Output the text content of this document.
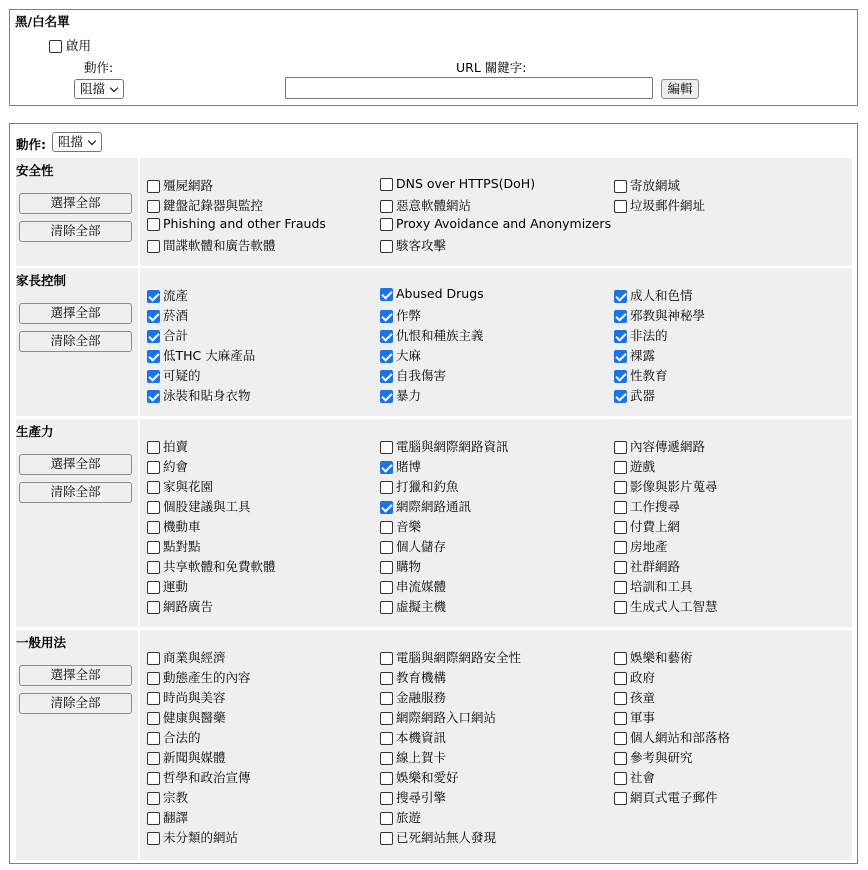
黑/白名單
啟用
動作:
阻擋
URL 關鍵字:
編輯
動作: 阻擋
安全性
選擇全部
清除全部
殭屍網路
鍵盤記錄器與監控
Phishing and other Frauds
間諜軟體和廣告軟體
DNS over HTTPS(DoH)
惡意軟體網站
Proxy Avoidance and Anonymizers
駭客攻擊
寄放網域
垃圾郵件網址
家長控制
選擇全部
清除全部
流產
菸酒
合計
低THC 大麻產品
可疑的
泳裝和貼身衣物
Abused Drugs
作弊
仇恨和種族主義
大麻
自我傷害
暴力
成人和色情
邪教與神秘學
非法的
裸露
性教育
武器
生產力
選擇全部
清除全部
拍賣
約會
家與花園
個股建議與工具
機動車
點對點
共享軟體和免費軟體
運動
網路廣告
電腦與網際網路資訊
賭博
打獵和釣魚
網際網路通訊
音樂
個人儲存
購物
串流媒體
虛擬主機
內容傳遞網路
遊戲
影像與影片蒐尋
工作搜尋
付費上網
房地產
社群網路
培訓和工具
生成式人工智慧
一般用法
選擇全部
清除全部
商業與經濟
動態產生的內容
時尚與美容
健康與醫藥
合法的
新聞與媒體
哲學和政治宣傳
宗教
翻譯
未分類的網站
電腦與網際網路安全性
教育機構
金融服務
網際網路入口網站
本機資訊
線上賀卡
娛樂和愛好
搜尋引擎
旅遊
已死網站無人發現
娛樂和藝術
政府
孩童
軍事
個人網站和部落格
參考與研究
社會
網頁式電子郵件
